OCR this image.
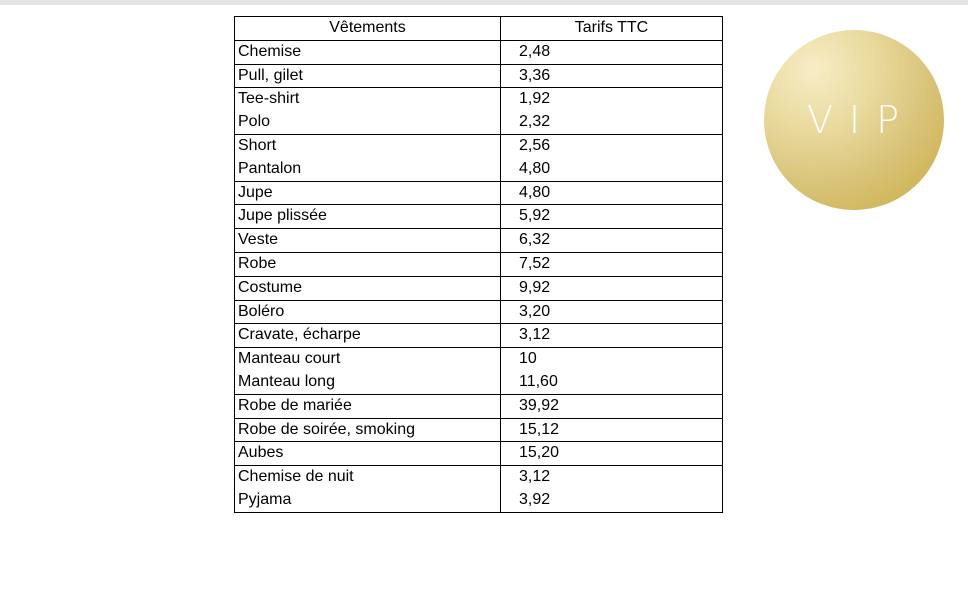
Vêtements	Tarifs TTC
Chemise	2,48
Pull, gilet	3,36
Tee-shirt	1,92
Polo	2,32
Short	2,56
Pantalon	4,80
Jupe	4,80
Jupe plissée	5,92
Veste	6,32
Robe	7,52
Costume	9,92
Boléro	3,20
Cravate, écharpe	3,12
Manteau court	10
Manteau long	11,60
Robe de mariée	39,92
Robe de soirée, smoking	15,12
Aubes	15,20
Chemise de nuit	3,12
Pyjama	3,92
VIP
